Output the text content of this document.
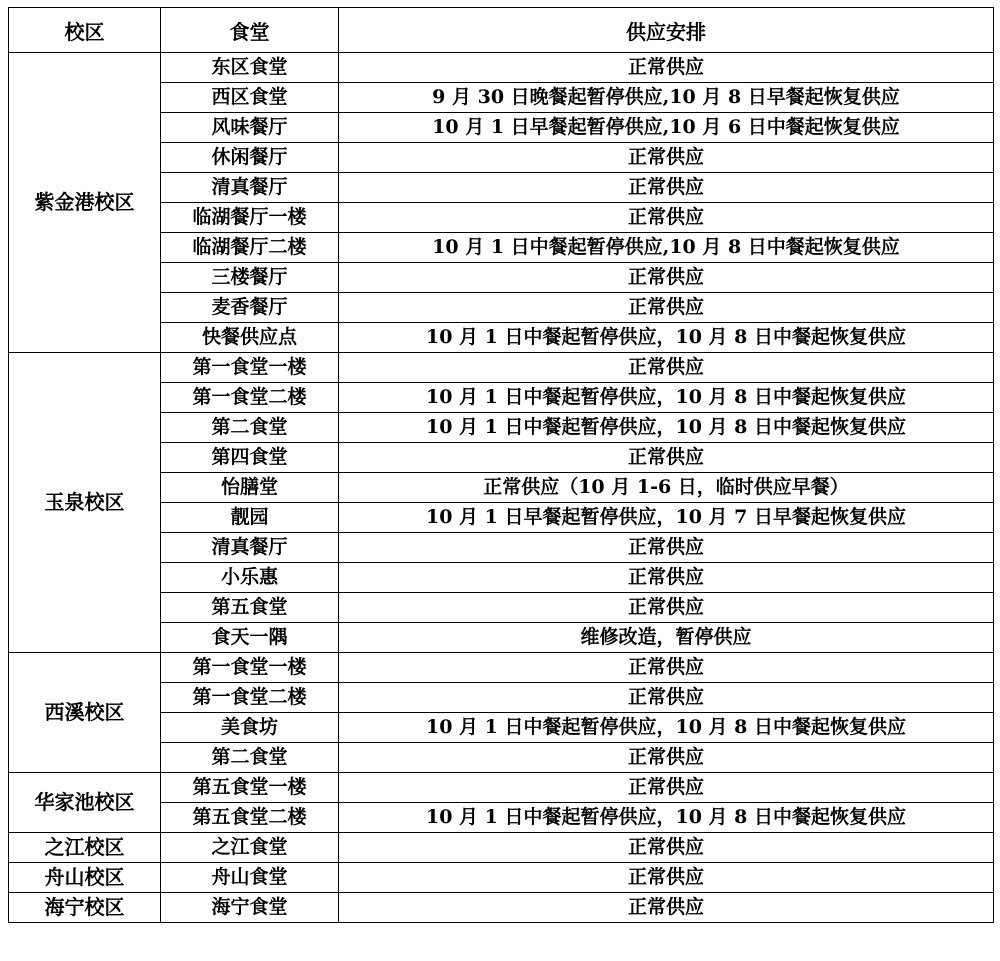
校区	食堂	供应安排
紫金港校区	东区食堂	正常供应
	西区食堂	9 月 30 日晚餐起暂停供应,10 月 8 日早餐起恢复供应
	风味餐厅	10 月 1 日早餐起暂停供应,10 月 6 日中餐起恢复供应
	休闲餐厅	正常供应
	清真餐厅	正常供应
	临湖餐厅一楼	正常供应
	临湖餐厅二楼	10 月 1 日中餐起暂停供应,10 月 8 日中餐起恢复供应
	三楼餐厅	正常供应
	麦香餐厅	正常供应
	快餐供应点	10 月 1 日中餐起暂停供应，10 月 8 日中餐起恢复供应
玉泉校区	第一食堂一楼	正常供应
	第一食堂二楼	10 月 1 日中餐起暂停供应，10 月 8 日中餐起恢复供应
	第二食堂	10 月 1 日中餐起暂停供应，10 月 8 日中餐起恢复供应
	第四食堂	正常供应
	怡膳堂	正常供应（10 月 1-6 日，临时供应早餐）
	靓园	10 月 1 日早餐起暂停供应，10 月 7 日早餐起恢复供应
	清真餐厅	正常供应
	小乐惠	正常供应
	第五食堂	正常供应
	食天一隅	维修改造，暂停供应
西溪校区	第一食堂一楼	正常供应
	第一食堂二楼	正常供应
	美食坊	10 月 1 日中餐起暂停供应，10 月 8 日中餐起恢复供应
	第二食堂	正常供应
华家池校区	第五食堂一楼	正常供应
	第五食堂二楼	10 月 1 日中餐起暂停供应，10 月 8 日中餐起恢复供应
之江校区	之江食堂	正常供应
舟山校区	舟山食堂	正常供应
海宁校区	海宁食堂	正常供应
